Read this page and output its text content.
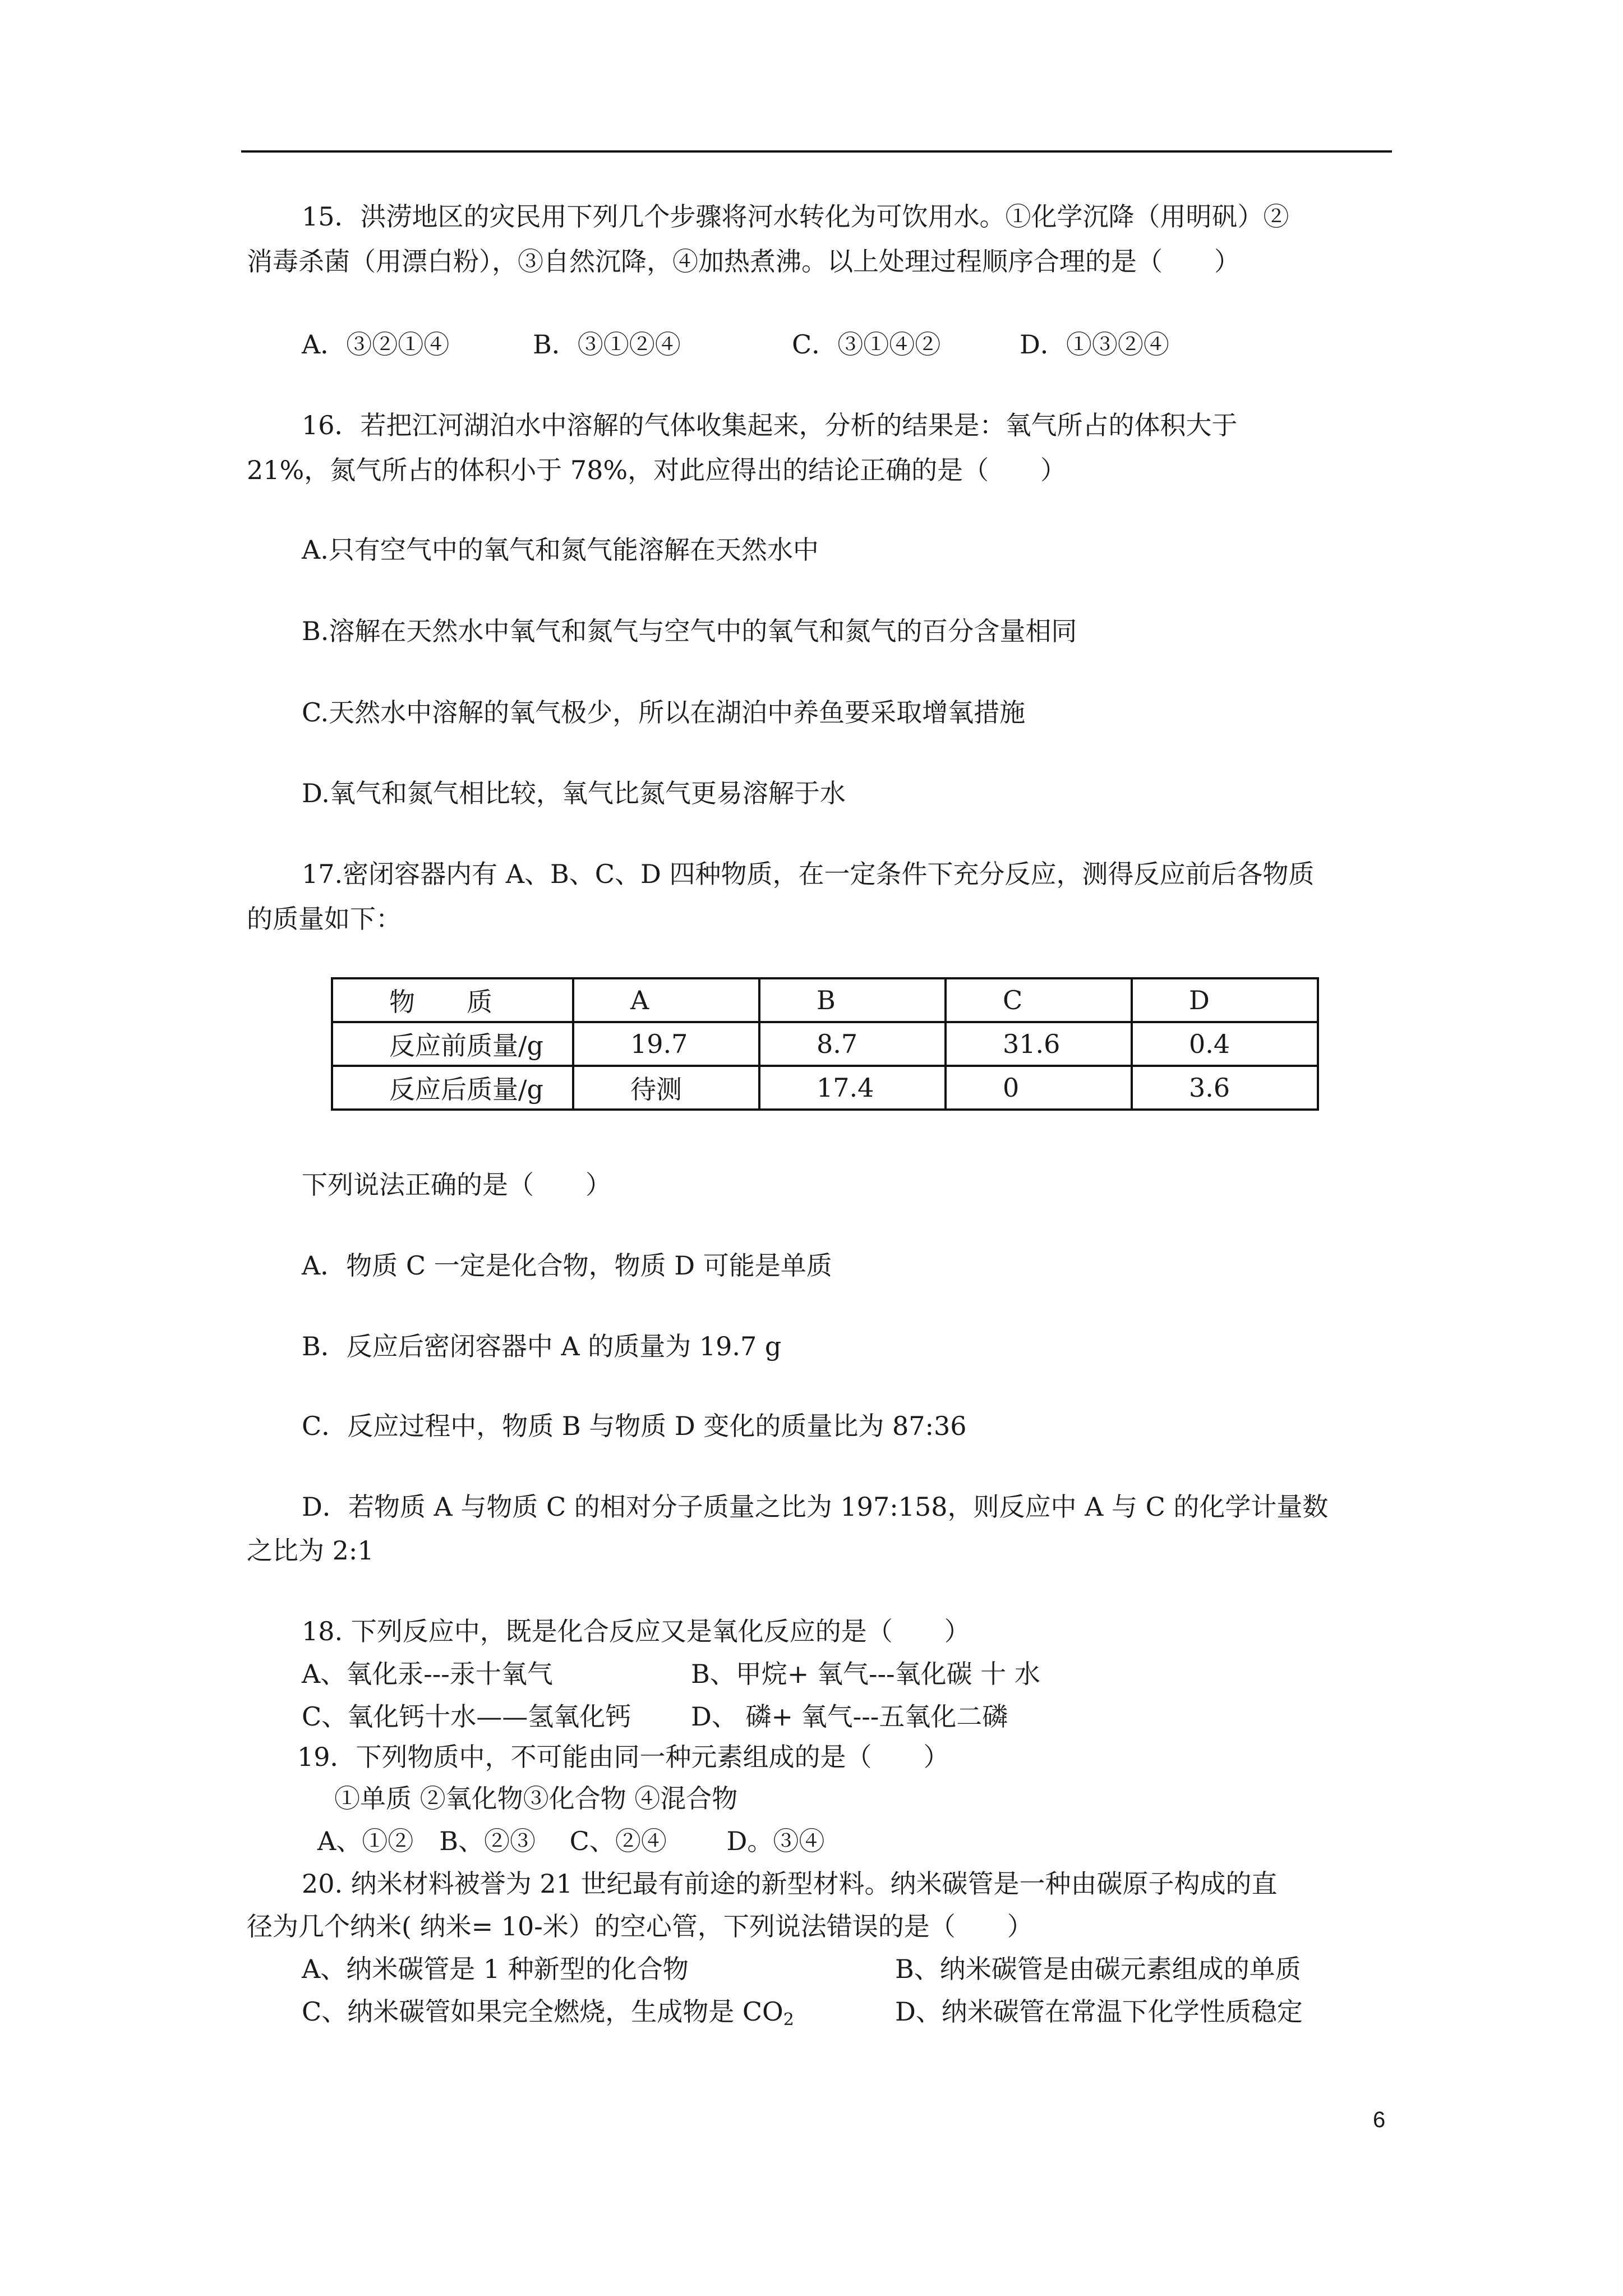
15．洪涝地区的灾民用下列几个步骤将河水转化为可饮用水。①化学沉降（用明矾）②

消毒杀菌（用漂白粉），③自然沉降，④加热煮沸。以上处理过程顺序合理的是（　　）

A．③②①④	B．③①②④	C．③①④②	D．①③②④

16．若把江河湖泊水中溶解的气体收集起来，分析的结果是：氧气所占的体积大于

21%，氮气所占的体积小于 78%，对此应得出的结论正确的是（　　）

A.只有空气中的氧气和氮气能溶解在天然水中

B.溶解在天然水中氧气和氮气与空气中的氧气和氮气的百分含量相同

C.天然水中溶解的氧气极少，所以在湖泊中养鱼要采取增氧措施

D.氧气和氮气相比较，氧气比氮气更易溶解于水

17.密闭容器内有 A、B、C、D 四种物质，在一定条件下充分反应，测得反应前后各物质

的质量如下：

物　　质	A	B	C	D
反应前质量/g	19.7	8.7	31.6	0.4
反应后质量/g	待测	17.4	0	3.6

下列说法正确的是（　　）

A．物质 C 一定是化合物，物质 D 可能是单质

B．反应后密闭容器中 A 的质量为 19.7 g

C．反应过程中，物质 B 与物质 D 变化的质量比为 87:36

D．若物质 A 与物质 C 的相对分子质量之比为 197:158，则反应中 A 与 C 的化学计量数

之比为 2:1

18. 下列反应中，既是化合反应又是氧化反应的是（　　）

A、氧化汞---汞十氧气	B、甲烷+ 氧气---氧化碳 十 水

C、氧化钙十水——氢氧化钙 D、 磷+ 氧气---五氧化二磷

19．下列物质中，不可能由同一种元素组成的是（　　）

①单质 ②氧化物③化合物 ④混合物

A、①②　B、②③　 C、②④　　 D。③④

20. 纳米材料被誉为 21 世纪最有前途的新型材料。纳米碳管是一种由碳原子构成的直

径为几个纳米( 纳米= 10-米）的空心管，下列说法错误的是（　　）

A、纳米碳管是 1 种新型的化合物	B、纳米碳管是由碳元素组成的单质

C、纳米碳管如果完全燃烧，生成物是 $CO_2$	D、纳米碳管在常温下化学性质稳定

6
